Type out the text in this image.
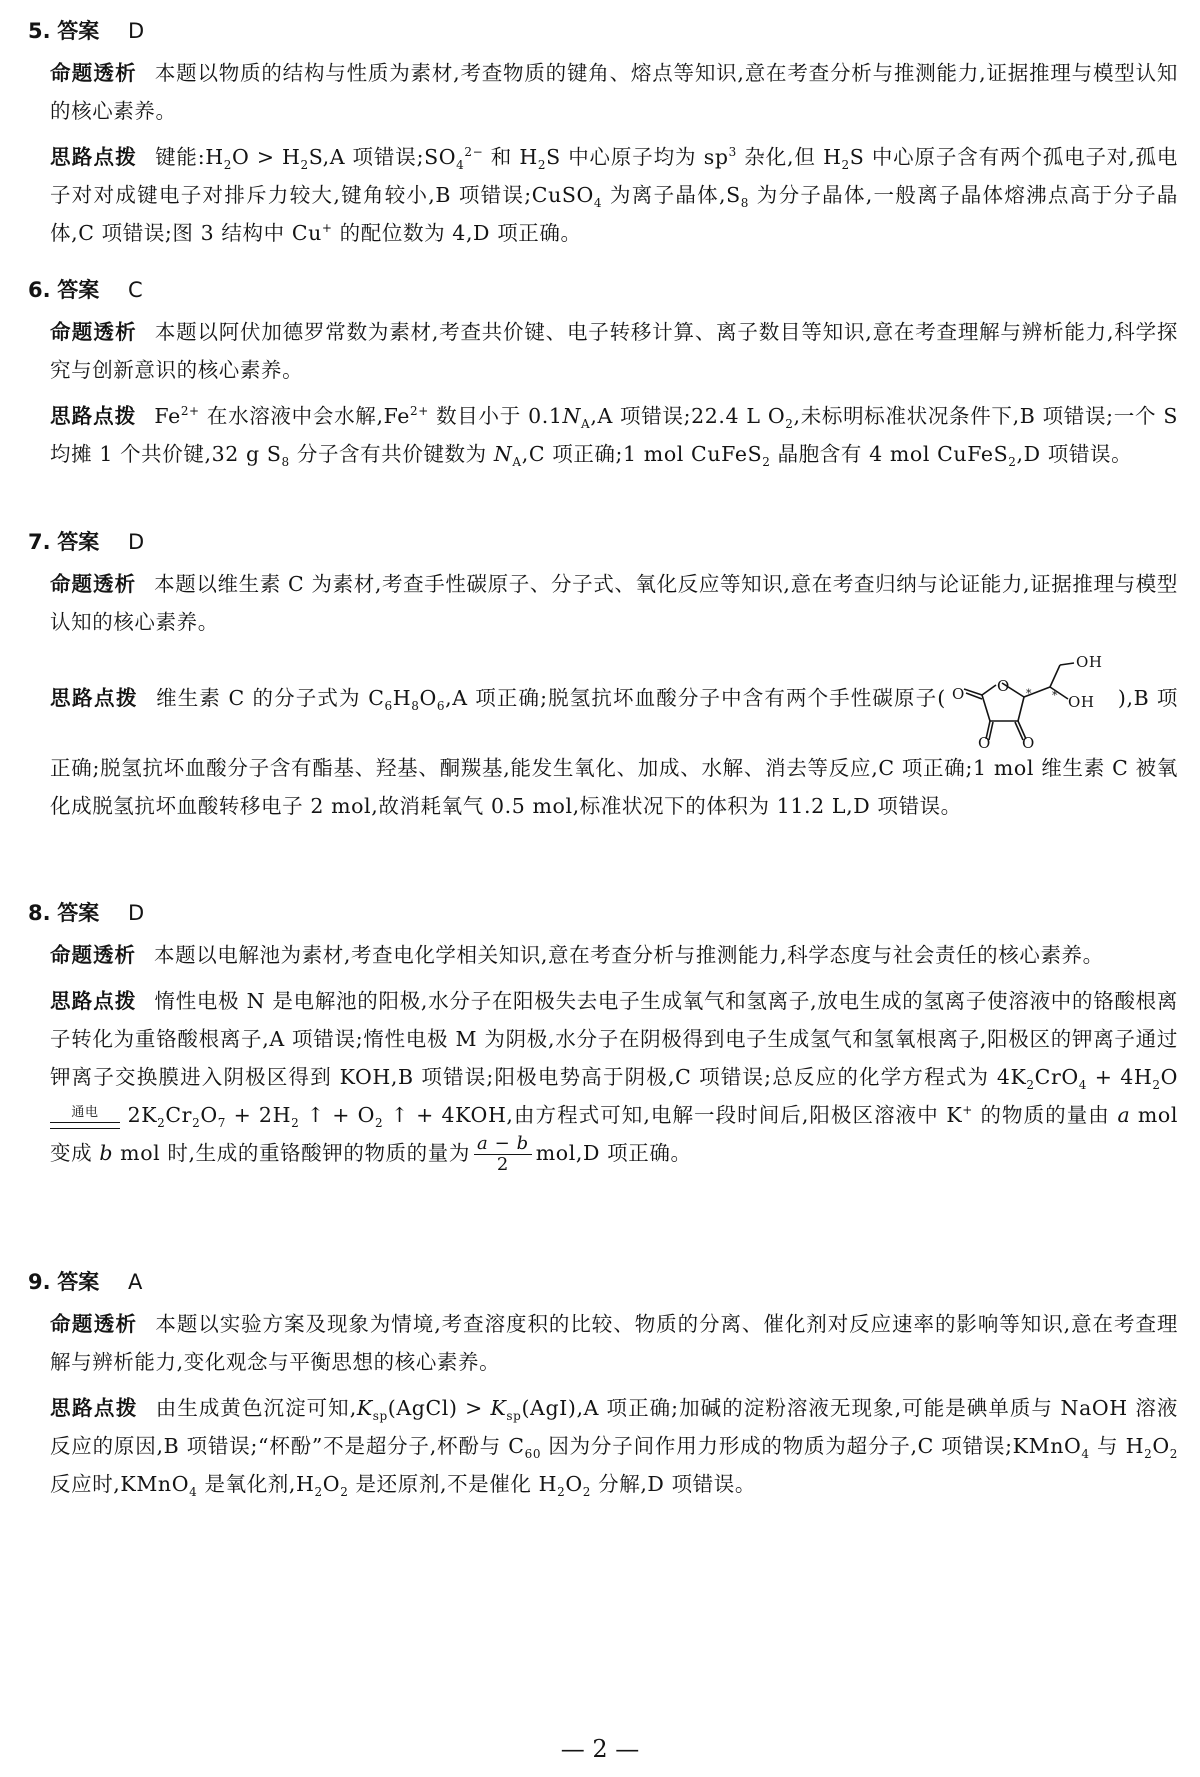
5. 答案 D
命题透析 本题以物质的结构与性质为素材,考查物质的键角、熔点等知识,意在考查分析与推测能力,证据推理与模型认知的核心素养。
思路点拨 键能$:H_2O > H_2S,A$ 项错误$;SO_4^{2-}$ 和 $H_2S$ 中心原子均为 $sp^3$ 杂化,但 $H_2S$ 中心原子含有两个孤电子对,孤电子对对成键电子对排斥力较大,键角较小,B 项错误;CuSO$_4$ 为离子晶体$,S_8$ 为分子晶体,一般离子晶体熔沸点高于分子晶体,C 项错误;图 3 结构中 Cu+ 的配位数为 4,D 项正确。
6. 答案 C
命题透析 本题以阿伏加德罗常数为素材,考查共价键、电子转移计算、离子数目等知识,意在考查理解与辨析能力,科学探究与创新意识的核心素养。
思路点拨 $Fe^{2+}$ 在水溶液中会水解$,Fe^{2+}$ 数目小于 $0.1N_A,A$ 项错误;22.4 L $O_2$,未标明标准状况条件下,B 项错误;一个 S 均摊 1 个共价键,32 g $S_8$ 分子含有共价键数为 $N_A,C$ 项正确;1 mol CuFeS$_2$ 晶胞含有 4 mol CuFeS$_2$,D 项错误。
7. 答案 D
命题透析 本题以维生素 C 为素材,考查手性碳原子、分子式、氧化反应等知识,意在考查归纳与论证能力,证据推理与模型认知的核心素养。
思路点拨 维生素 C 的分子式为 $C_6H_8O_6,A$ 项正确;脱氢抗坏血酸分子中含有两个手性碳原子(	O
O
O O
OH
OH
* *	),B 项正确;脱氢抗坏血酸分子含有酯基、羟基、酮羰基,能发生氧化、加成、水解、消去等反应,C 项正确;1 mol 维生素 C 被氧化成脱氢抗坏血酸转移电子 2 mol,故消耗氧气 0.5 mol,标准状况下的体积为 11.2 L,D 项错误。
8. 答案 D
命题透析 本题以电解池为素材,考查电化学相关知识,意在考查分析与推测能力,科学态度与社会责任的核心素养。
思路点拨 惰性电极 N 是电解池的阳极,水分子在阳极失去电子生成氧气和氢离子,放电生成的氢离子使溶液中的铬酸根离子转化为重铬酸根离子,A 项错误;惰性电极 M 为阴极,水分子在阴极得到电子生成氢气和氢氧根离子,阳极区的钾离子通过钾离子交换膜进入阴极区得到 KOH,B 项错误;阳极电势高于阴极,C 项错误;总反应的化学方程式为 $4K_2CrO_4 + 4H_2O$
通电	$2K_2Cr_2O_7 + 2H_2$ ↑ + $O_2$ ↑ + 4KOH,由方程式可知,电解一段时间后,阳极区溶液中 K+ 的物质的量由 a mol 变成 b mol 时,生成的重铬酸钾的物质的量为 $\frac{a - b}{2} mol,D$ 项正确。
9. 答案 A
命题透析 本题以实验方案及现象为情境,考查溶度积的比较、物质的分离、催化剂对反应速率的影响等知识,意在考查理解与辨析能力,变化观念与平衡思想的核心素养。
思路点拨 由生成黄色沉淀可知$,K_{sp}(AgCl) > K_{sp}(AgI),A$ 项正确;加碱的淀粉溶液无现象,可能是碘单质与 NaOH 溶液反应的原因,B 项错误;“杯酚”不是超分子,杯酚与 $C_{60}$ 因为分子间作用力形成的物质为超分子,C 项错误;KMnO$_4$ 与 $H_2O_2$ 反应时,KMnO$_4$ 是氧化剂$,H_2O_2$ 是还原剂,不是催化 $H_2O_2$ 分解,D 项错误。
— 2 —
